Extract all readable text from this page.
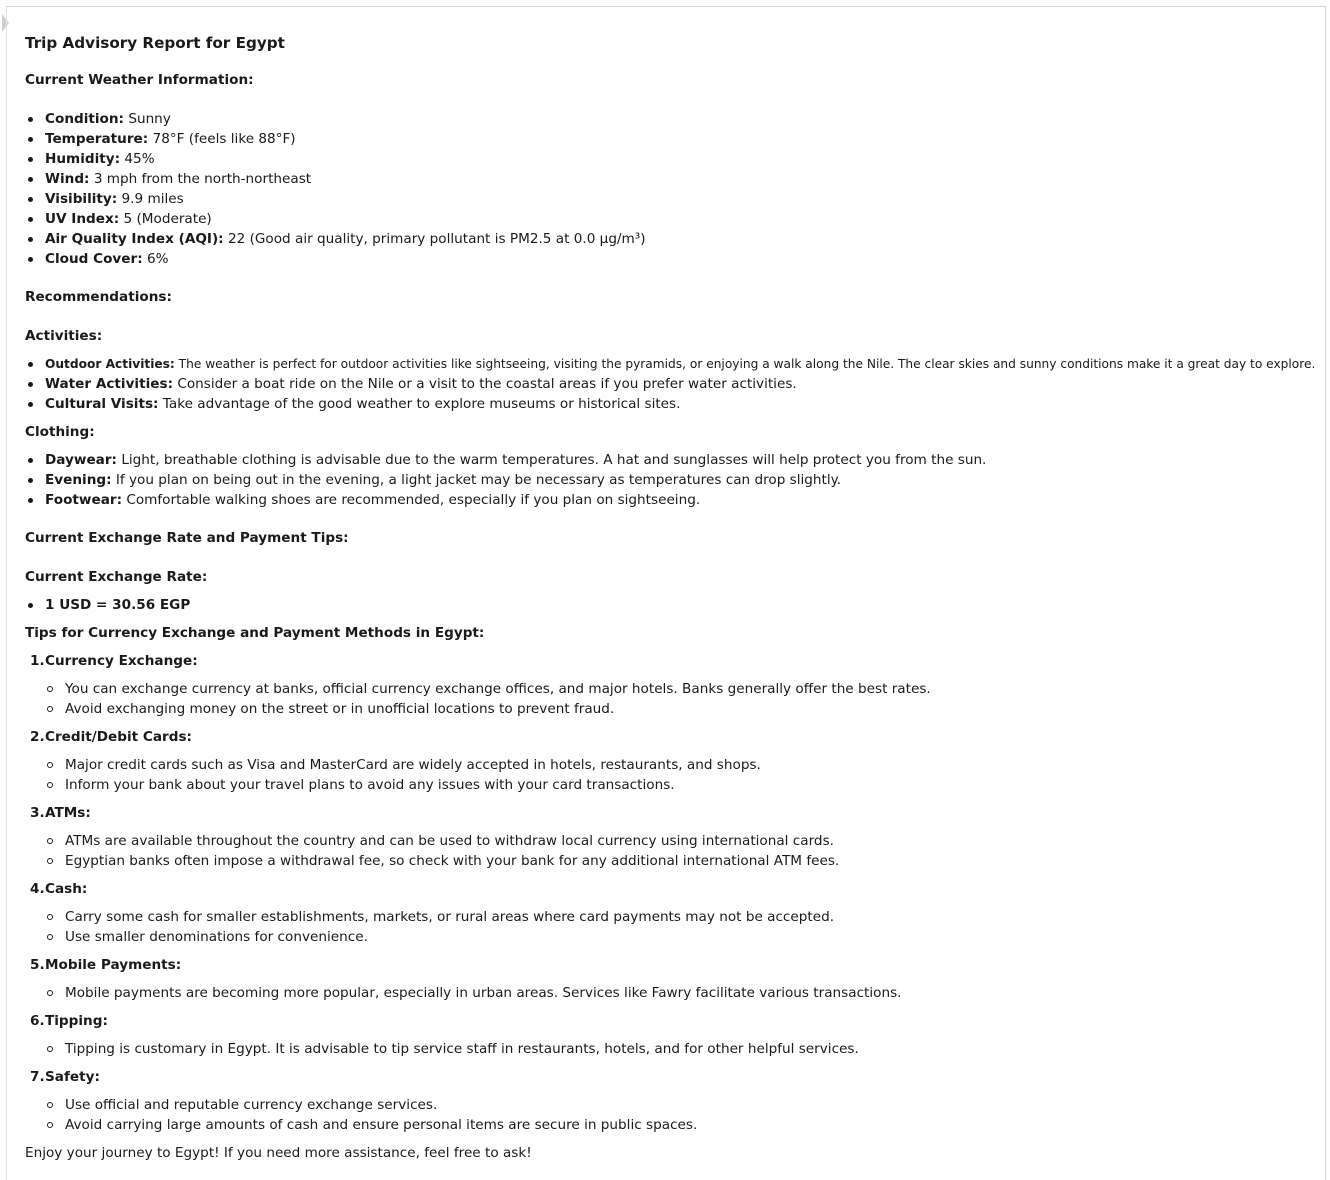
Trip Advisory Report for Egypt
Current Weather Information:
Condition: Sunny
Temperature: 78°F (feels like 88°F)
Humidity: 45%
Wind: 3 mph from the north-northeast
Visibility: 9.9 miles
UV Index: 5 (Moderate)
Air Quality Index (AQI): 22 (Good air quality, primary pollutant is PM2.5 at 0.0 µg/m³)
Cloud Cover: 6%
Recommendations:
Activities:
Outdoor Activities: The weather is perfect for outdoor activities like sightseeing, visiting the pyramids, or enjoying a walk along the Nile. The clear skies and sunny conditions make it a great day to explore.
Water Activities: Consider a boat ride on the Nile or a visit to the coastal areas if you prefer water activities.
Cultural Visits: Take advantage of the good weather to explore museums or historical sites.
Clothing:
Daywear: Light, breathable clothing is advisable due to the warm temperatures. A hat and sunglasses will help protect you from the sun.
Evening: If you plan on being out in the evening, a light jacket may be necessary as temperatures can drop slightly.
Footwear: Comfortable walking shoes are recommended, especially if you plan on sightseeing.
Current Exchange Rate and Payment Tips:
Current Exchange Rate:
1 USD = 30.56 EGP
Tips for Currency Exchange and Payment Methods in Egypt:
1. Currency Exchange:
You can exchange currency at banks, official currency exchange offices, and major hotels. Banks generally offer the best rates.
Avoid exchanging money on the street or in unofficial locations to prevent fraud.
2. Credit/Debit Cards:
Major credit cards such as Visa and MasterCard are widely accepted in hotels, restaurants, and shops.
Inform your bank about your travel plans to avoid any issues with your card transactions.
3. ATMs:
ATMs are available throughout the country and can be used to withdraw local currency using international cards.
Egyptian banks often impose a withdrawal fee, so check with your bank for any additional international ATM fees.
4. Cash:
Carry some cash for smaller establishments, markets, or rural areas where card payments may not be accepted.
Use smaller denominations for convenience.
5. Mobile Payments:
Mobile payments are becoming more popular, especially in urban areas. Services like Fawry facilitate various transactions.
6. Tipping:
Tipping is customary in Egypt. It is advisable to tip service staff in restaurants, hotels, and for other helpful services.
7. Safety:
Use official and reputable currency exchange services.
Avoid carrying large amounts of cash and ensure personal items are secure in public spaces.
Enjoy your journey to Egypt! If you need more assistance, feel free to ask!
